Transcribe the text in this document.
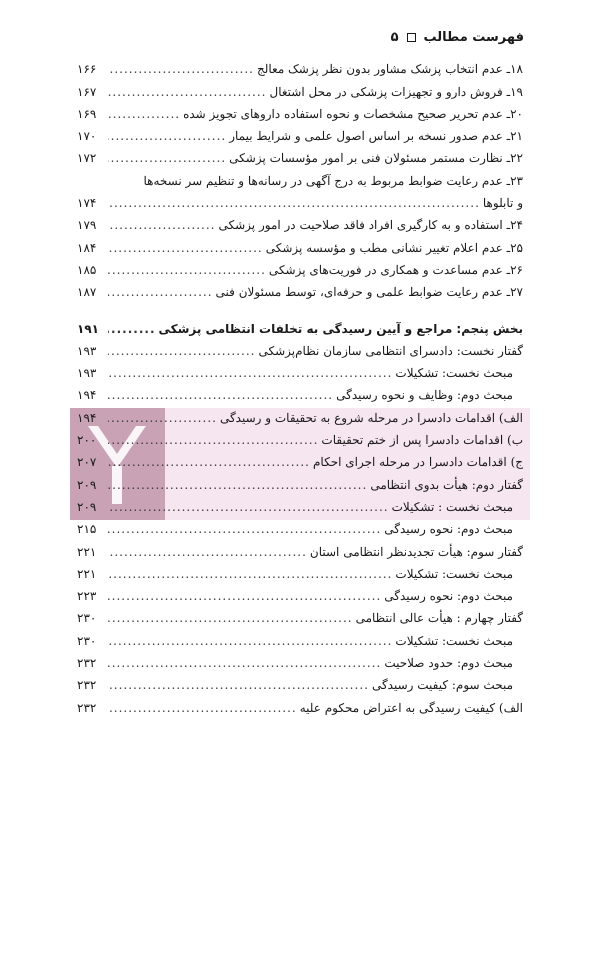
فهرست مطالب
۵
۱۸ـ عدم انتخاب پزشک مشاور بدون نظر پزشک معالج
.....
۱۶۶
۱۹ـ فروش دارو و تجهیزات پزشکی در محل اشتغال
.....
۱۶۷
۲۰ـ عدم تحریر صحیح مشخصات و نحوه استفاده داروهای تجویز شده
.....
۱۶۹
۲۱ـ عدم صدور نسخه بر اساس اصول علمی و شرایط بیمار
.....
۱۷۰
۲۲ـ نظارت مستمر مسئولان فنی بر امور مؤسسات پزشکی
.....
۱۷۲
۲۳ـ عدم رعایت ضوابط مربوط به درج آگهی در رسانه‌ها و تنظیم سر نسخه‌ها
و تابلوها
.....
۱۷۴
۲۴ـ استفاده و به کارگیری افراد فاقد صلاحیت در امور پزشکی
.....
۱۷۹
۲۵ـ عدم اعلام تغییر نشانی مطب و مؤسسه پزشکی
.....
۱۸۴
۲۶ـ عدم مساعدت و همکاری در فوریت‌های پزشکی
.....
۱۸۵
۲۷ـ عدم رعایت ضوابط علمی و حرفه‌ای، توسط مسئولان فنی
.....
۱۸۷
بخش پنجم: مراجع و آیین رسیدگی به تخلفات انتظامی پزشکی
.....
۱۹۱
گفتار نخست: دادسرای انتظامی سازمان نظام‌پزشکی
.....
۱۹۳
مبحث نخست: تشکیلات
.....
۱۹۳
مبحث دوم: وظایف و نحوه رسیدگی
.....
۱۹۴
الف) اقدامات دادسرا در مرحله شروع به تحقیقات و رسیدگی
.....
۱۹۴
ب) اقدامات دادسرا پس از ختم تحقیقات
.....
۲۰۰
ج) اقدامات دادسرا در مرحله اجرای احکام
.....
۲۰۷
گفتار دوم: هیأت بدوی انتظامی
.....
۲۰۹
مبحث نخست : تشکیلات
.....
۲۰۹
مبحث دوم: نحوه رسیدگی
.....
۲۱۵
گفتار سوم: هیأت تجدیدنظر انتظامی استان
.....
۲۲۱
مبحث نخست: تشکیلات
.....
۲۲۱
مبحث دوم: نحوه رسیدگی
.....
۲۲۳
گفتار چهارم : هیأت عالی انتظامی
.....
۲۳۰
مبحث نخست: تشکیلات
.....
۲۳۰
مبحث دوم: حدود صلاحیت
.....
۲۳۲
مبحث سوم: کیفیت رسیدگی
.....
۲۳۲
الف) کیفیت رسیدگی به اعتراض محکوم علیه
.....
۲۳۲
